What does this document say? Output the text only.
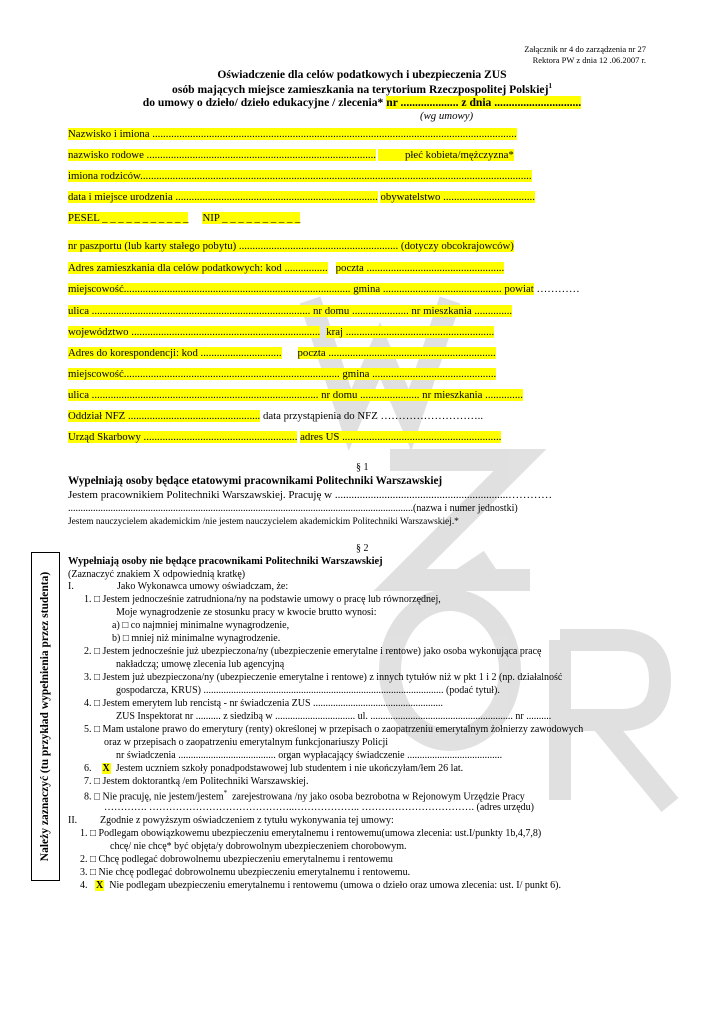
Załącznik nr 4 do zarządzenia nr 27
Rektora PW z dnia 12 .06.2007 r.
Oświadczenie dla celów podatkowych i ubezpieczenia ZUS
osób mających miejsce zamieszkania na terytorium Rzeczpospolitej Polskiej$^1$
do umowy o dzieło/ dzieło edukacyjne / zlecenia* nr .................... z dnia ..............................
(wg umowy)
Nazwisko i imiona .......................................................................................................................................
nazwisko rodowe .....................................................................................	płeć kobieta/mężczyzna*
imiona rodziców.................................................................................................................................................
data i miejsce urodzenia ........................................................................... obywatelstwo ..................................
PESEL _ _ _ _ _ _ _ _ _ _ _ NIP _ _ _ _ _ _ _ _ _ _
nr paszportu (lub karty stałego pobytu) ........................................................... (dotyczy obcokrajowców)
Adres zamieszkania dla celów podatkowych: kod ................ poczta ...................................................
miejscowość.................................................................................... gmina ............................................ powiat …………
ulica ................................................................................. nr domu ..................... nr mieszkania ..............
województwo ...................................................................... kraj .......................................................
Adres do korespondencji: kod .............................. poczta ..............................................................
miejscowość................................................................................ gmina ..............................................
ulica .................................................................................... nr domu ...................... nr mieszkania ..............
Oddział NFZ ................................................. data przystąpienia do NFZ ………………………..
Urząd Skarbowy ......................................................... adres US ...........................................................
§ 1
Wypełniają osoby będące etatowymi pracownikami Politechniki Warszawskiej
Jestem pracownikiem Politechniki Warszawskiej. Pracuję w ...............................................................…………
..........................................................................................................................................(nazwa i numer jednostki)
Jestem nauczycielem akademickim /nie jestem nauczycielem akademickim Politechniki Warszawskiej.*
§ 2
Wypełniają osoby nie będące pracownikami Politechniki Warszawskiej
(Zaznaczyć znakiem X odpowiednią kratkę)
I.	Jako Wykonawca umowy oświadczam, że:
1. □ Jestem jednocześnie zatrudniona/ny na podstawie umowy o pracę lub równorzędnej,
Moje wynagrodzenie ze stosunku pracy w kwocie brutto wynosi:
a) □ co najmniej minimalne wynagrodzenie,
b) □ mniej niż minimalne wynagrodzenie.
2. □ Jestem jednocześnie już ubezpieczona/ny (ubezpieczenie emerytalne i rentowe) jako osoba wykonująca pracę
nakładczą; umowę zlecenia lub agencyjną
3. □ Jestem już ubezpieczona/ny (ubezpieczenie emerytalne i rentowe) z innych tytułów niż w pkt 1 i 2 (np. działalność
gospodarcza, KRUS) ................................................................................................ (podać tytuł).
4. □ Jestem emerytem lub rencistą - nr świadczenia ZUS ....................................................
ZUS Inspektorat nr .......... z siedzibą w ................................ ul. ......................................................... nr ..........
5. □ Mam ustalone prawo do emerytury (renty) określonej w przepisach o zaopatrzeniu emerytalnym żołnierzy zawodowych
oraz w przepisach o zaopatrzeniu emerytalnym funkcjonariuszy Policji
nr świadczenia ....................................... organ wypłacający świadczenie ......................................
6. X Jestem uczniem szkoły ponadpodstawowej lub studentem i nie ukończyłam/łem 26 lat.
7. □ Jestem doktorantką /em Politechniki Warszawskiej.
8. □ Nie pracuję, nie jestem/jestem* zarejestrowana /ny jako osoba bezrobotna w Rejonowym Urzędzie Pracy
…………. ……………………………………..……………….. ……………………………. (adres urzędu)
II. Zgodnie z powyższym oświadczeniem z tytułu wykonywania tej umowy:
1. □ Podlegam obowiązkowemu ubezpieczeniu emerytalnemu i rentowemu(umowa zlecenia: ust.I/punkty 1b,4,7,8)
chcę/ nie chcę* być objęta/y dobrowolnym ubezpieczeniem chorobowym.
2. □ Chcę podlegać dobrowolnemu ubezpieczeniu emerytalnemu i rentowemu
3. □ Nie chcę podlegać dobrowolnemu ubezpieczeniu emerytalnemu i rentowemu.
4. X Nie podlegam ubezpieczeniu emerytalnemu i rentowemu (umowa o dzieło oraz umowa zlecenia: ust. I/ punkt 6).
Należy zaznaczyć (tu przykład wypełnienia przez studenta)
